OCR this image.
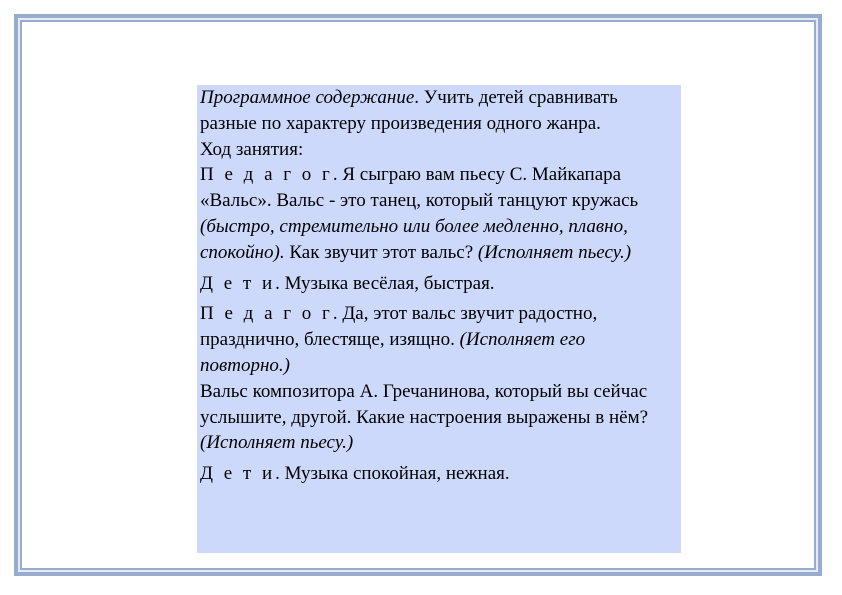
Программное содержание. Учить детей сравнивать разные по характеру произведения одного жанра.

Ход занятия:

П е д а г о г. Я сыграю вам пьесу С. Майкапара «Вальс». Вальс - это танец, который танцуют кружась (быстро, стремительно или более медленно, плавно, спокойно). Как звучит этот вальс? (Исполняет пьесу.)

Д е т и. Музыка весёлая, быстрая.

П е д а г о г. Да, этот вальс звучит радостно, празднично, блестяще, изящно. (Исполняет его повторно.)

Вальс композитора А. Гречанинова, который вы сейчас услышите, другой. Какие настроения выражены в нём? (Исполняет пьесу.)

Д е т и. Музыка спокойная, нежная.
